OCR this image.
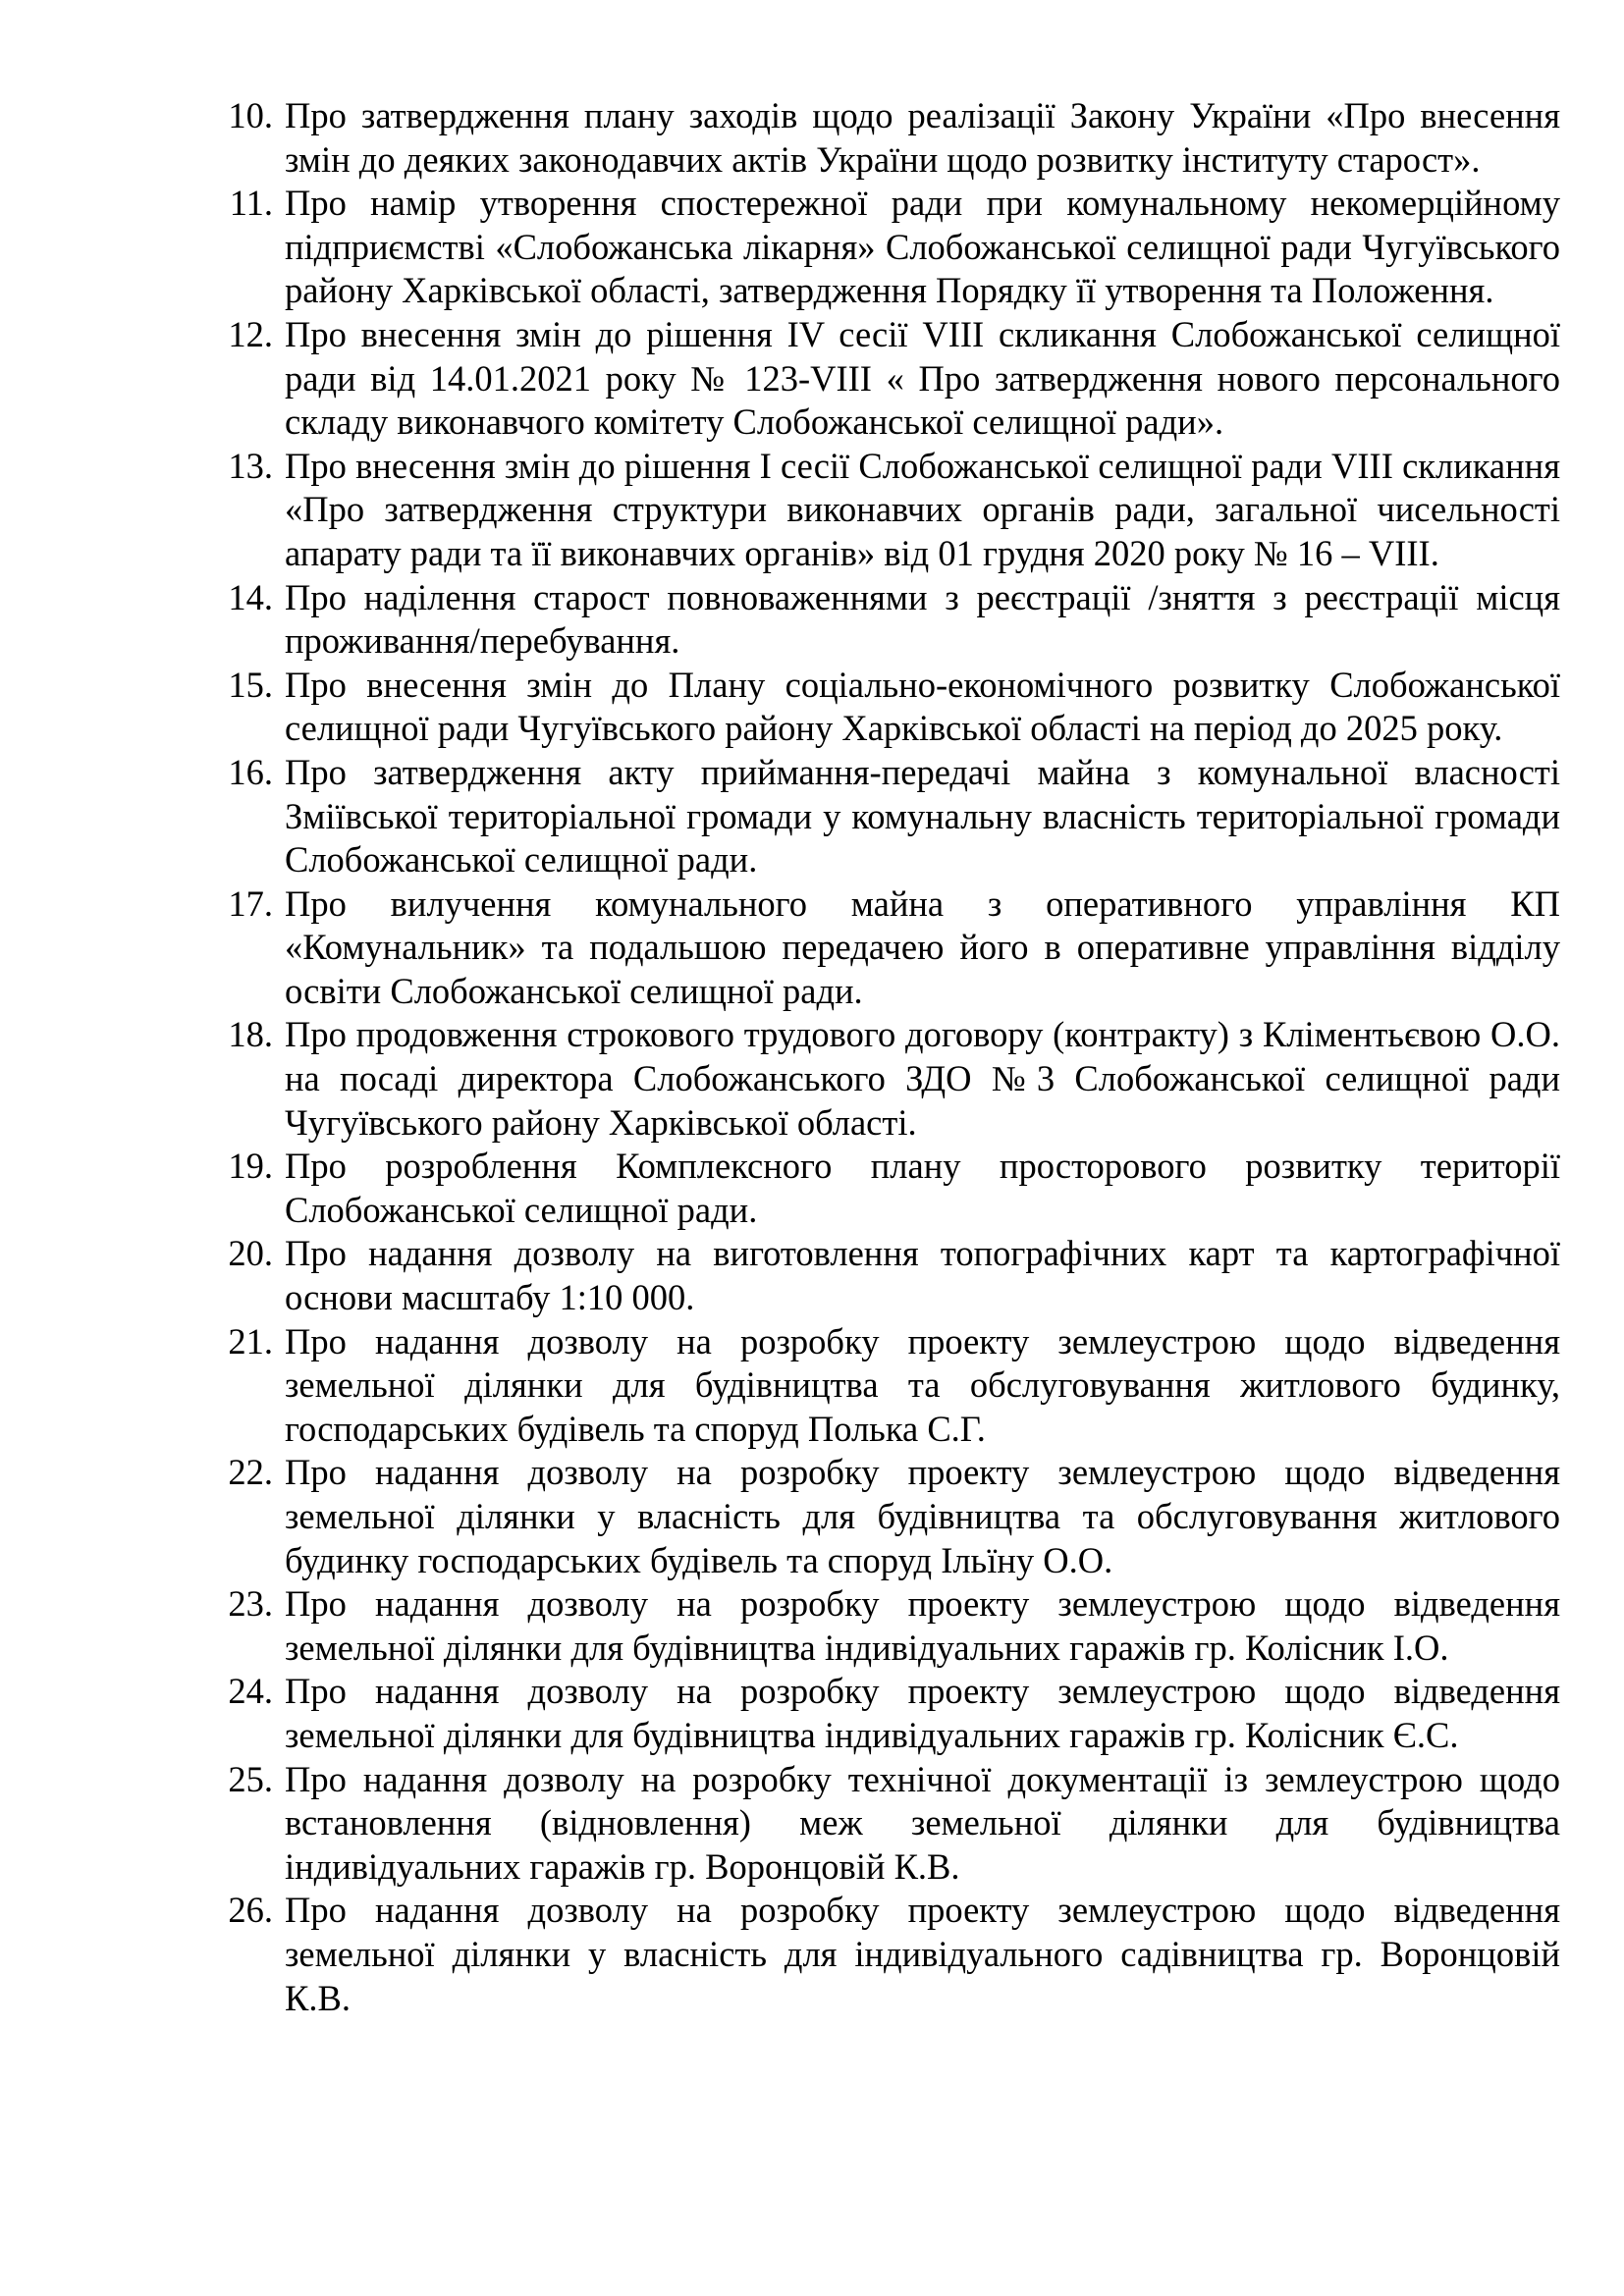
10. Про затвердження плану заходів щодо реалізації Закону України «Про внесення змін до деяких законодавчих актів України щодо розвитку інституту старост».
11. Про намір утворення спостережної ради при комунальному некомерційному підприємстві «Слобожанська лікарня» Слобожанської селищної ради Чугуївського району Харківської області, затвердження Порядку її утворення та Положення.
12. Про внесення змін до рішення IV сесії VIII скликання Слобожанської селищної ради від 14.01.2021 року № 123-VIII « Про затвердження нового персонального складу виконавчого комітету Слобожанської селищної ради».
13. Про внесення змін до рішення I сесії Слобожанської селищної ради VIII скликання «Про затвердження структури виконавчих органів ради, загальної чисельності апарату ради та її виконавчих органів» від 01 грудня 2020 року № 16 – VIII.
14. Про наділення старост повноваженнями з реєстрації /зняття з реєстрації місця проживання/перебування.
15. Про внесення змін до Плану соціально-економічного розвитку Слобожанської селищної ради Чугуївського району Харківської області на період до 2025 року.
16. Про затвердження акту приймання-передачі майна з комунальної власності Зміївської територіальної громади у комунальну власність територіальної громади Слобожанської селищної ради.
17. Про вилучення комунального майна з оперативного управління КП «Комунальник» та подальшою передачею його в оперативне управління відділу освіти Слобожанської селищної ради.
18. Про продовження строкового трудового договору (контракту) з Кліментьєвою О.О. на посаді директора Слобожанського ЗДО №3 Слобожанської селищної ради Чугуївського району Харківської області.
19. Про розроблення Комплексного плану просторового розвитку території Слобожанської селищної ради.
20. Про надання дозволу на виготовлення топографічних карт та картографічної основи масштабу 1:10 000.
21. Про надання дозволу на розробку проекту землеустрою щодо відведення земельної ділянки для будівництва та обслуговування житлового будинку, господарських будівель та споруд Полька С.Г.
22. Про надання дозволу на розробку проекту землеустрою щодо відведення земельної ділянки у власність для будівництва та обслуговування житлового будинку господарських будівель та споруд Ільїну О.О.
23. Про надання дозволу на розробку проекту землеустрою щодо відведення земельної ділянки для будівництва індивідуальних гаражів гр. Колісник І.О.
24. Про надання дозволу на розробку проекту землеустрою щодо відведення земельної ділянки для будівництва індивідуальних гаражів гр. Колісник Є.С.
25. Про надання дозволу на розробку технічної документації із землеустрою щодо встановлення (відновлення) меж земельної ділянки для будівництва індивідуальних гаражів гр. Воронцовій К.В.
26. Про надання дозволу на розробку проекту землеустрою щодо відведення земельної ділянки у власність для індивідуального садівництва гр. Воронцовій К.В.
